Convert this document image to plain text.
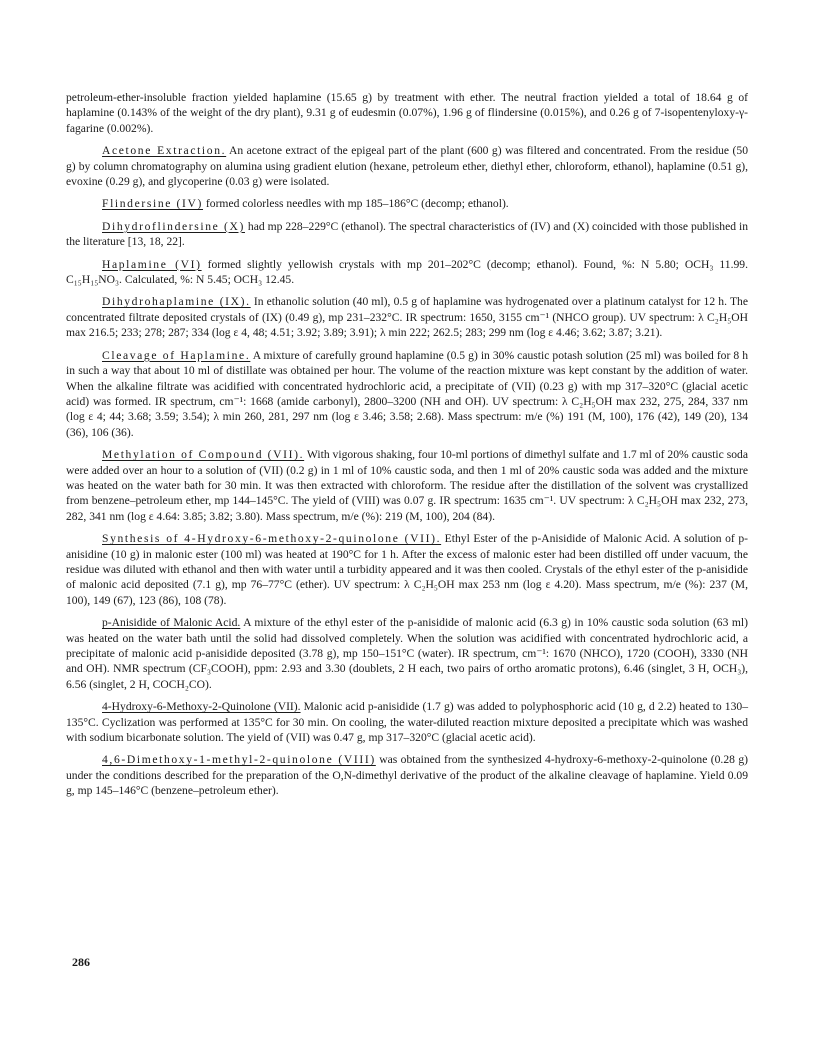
petroleum-ether-insoluble fraction yielded haplamine (15.65 g) by treatment with ether. The neutral fraction yielded a total of 18.64 g of haplamine (0.143% of the weight of the dry plant), 9.31 g of eudesmin (0.07%), 1.96 g of flindersine (0.015%), and 0.26 g of 7-isopentenyloxy-γ-fagarine (0.002%).

Acetone Extraction. An acetone extract of the epigeal part of the plant (600 g) was filtered and concentrated. From the residue (50 g) by column chromatography on alumina using gradient elution (hexane, petroleum ether, diethyl ether, chloroform, ethanol), haplamine (0.51 g), evoxine (0.29 g), and glycoperine (0.03 g) were isolated.

Flindersine (IV) formed colorless needles with mp 185–186°C (decomp; ethanol).

Dihydroflindersine (X) had mp 228–229°C (ethanol). The spectral characteristics of (IV) and (X) coincided with those published in the literature [13, 18, 22].

Haplamine (VI) formed slightly yellowish crystals with mp 201–202°C (decomp; ethanol). Found, %: N 5.80; OCH₃ 11.99. C₁₅H₁₅NO₃. Calculated, %: N 5.45; OCH₃ 12.45.

Dihydrohaplamine (IX). In ethanolic solution (40 ml), 0.5 g of haplamine was hydrogenated over a platinum catalyst for 12 h. The concentrated filtrate deposited crystals of (IX) (0.49 g), mp 231–232°C. IR spectrum: 1650, 3155 cm⁻¹ (NHCO group). UV spectrum: λ C₂H₅OH max 216.5; 233; 278; 287; 334 (log ε 4, 48; 4.51; 3.92; 3.89; 3.91); λ min 222; 262.5; 283; 299 nm (log ε 4.46; 3.62; 3.87; 3.21).

Cleavage of Haplamine. A mixture of carefully ground haplamine (0.5 g) in 30% caustic potash solution (25 ml) was boiled for 8 h in such a way that about 10 ml of distillate was obtained per hour. The volume of the reaction mixture was kept constant by the addition of water. When the alkaline filtrate was acidified with concentrated hydrochloric acid, a precipitate of (VII) (0.23 g) with mp 317–320°C (glacial acetic acid) was formed. IR spectrum, cm⁻¹: 1668 (amide carbonyl), 2800–3200 (NH and OH). UV spectrum: λ C₂H₅OH max 232, 275, 284, 337 nm (log ε 4; 44; 3.68; 3.59; 3.54); λ min 260, 281, 297 nm (log ε 3.46; 3.58; 2.68). Mass spectrum: m/e (%) 191 (M, 100), 176 (42), 149 (20), 134 (36), 106 (36).

Methylation of Compound (VII). With vigorous shaking, four 10-ml portions of dimethyl sulfate and 1.7 ml of 20% caustic soda were added over an hour to a solution of (VII) (0.2 g) in 1 ml of 10% caustic soda, and then 1 ml of 20% caustic soda was added and the mixture was heated on the water bath for 30 min. It was then extracted with chloroform. The residue after the distillation of the solvent was crystallized from benzene–petroleum ether, mp 144–145°C. The yield of (VIII) was 0.07 g. IR spectrum: 1635 cm⁻¹. UV spectrum: λ C₂H₅OH max 232, 273, 282, 341 nm (log ε 4.64: 3.85; 3.82; 3.80). Mass spectrum, m/e (%): 219 (M, 100), 204 (84).

Synthesis of 4-Hydroxy-6-methoxy-2-quinolone (VII). Ethyl Ester of the p-Anisidide of Malonic Acid. A solution of p-anisidine (10 g) in malonic ester (100 ml) was heated at 190°C for 1 h. After the excess of malonic ester had been distilled off under vacuum, the residue was diluted with ethanol and then with water until a turbidity appeared and it was then cooled. Crystals of the ethyl ester of the p-anisidide of malonic acid deposited (7.1 g), mp 76–77°C (ether). UV spectrum: λ C₂H₅OH max 253 nm (log ε 4.20). Mass spectrum, m/e (%): 237 (M, 100), 149 (67), 123 (86), 108 (78).

p-Anisidide of Malonic Acid. A mixture of the ethyl ester of the p-anisidide of malonic acid (6.3 g) in 10% caustic soda solution (63 ml) was heated on the water bath until the solid had dissolved completely. When the solution was acidified with concentrated hydrochloric acid, a precipitate of malonic acid p-anisidide deposited (3.78 g), mp 150–151°C (water). IR spectrum, cm⁻¹: 1670 (NHCO), 1720 (COOH), 3330 (NH and OH). NMR spectrum (CF₃COOH), ppm: 2.93 and 3.30 (doublets, 2 H each, two pairs of ortho aromatic protons), 6.46 (singlet, 3 H, OCH₃), 6.56 (singlet, 2 H, COCH₂CO).

4-Hydroxy-6-Methoxy-2-Quinolone (VII). Malonic acid p-anisidide (1.7 g) was added to polyphosphoric acid (10 g, d 2.2) heated to 130–135°C. Cyclization was performed at 135°C for 30 min. On cooling, the water-diluted reaction mixture deposited a precipitate which was washed with sodium bicarbonate solution. The yield of (VII) was 0.47 g, mp 317–320°C (glacial acetic acid).

4,6-Dimethoxy-1-methyl-2-quinolone (VIII) was obtained from the synthesized 4-hydroxy-6-methoxy-2-quinolone (0.28 g) under the conditions described for the preparation of the O,N-dimethyl derivative of the product of the alkaline cleavage of haplamine. Yield 0.09 g, mp 145–146°C (benzene–petroleum ether).

286
